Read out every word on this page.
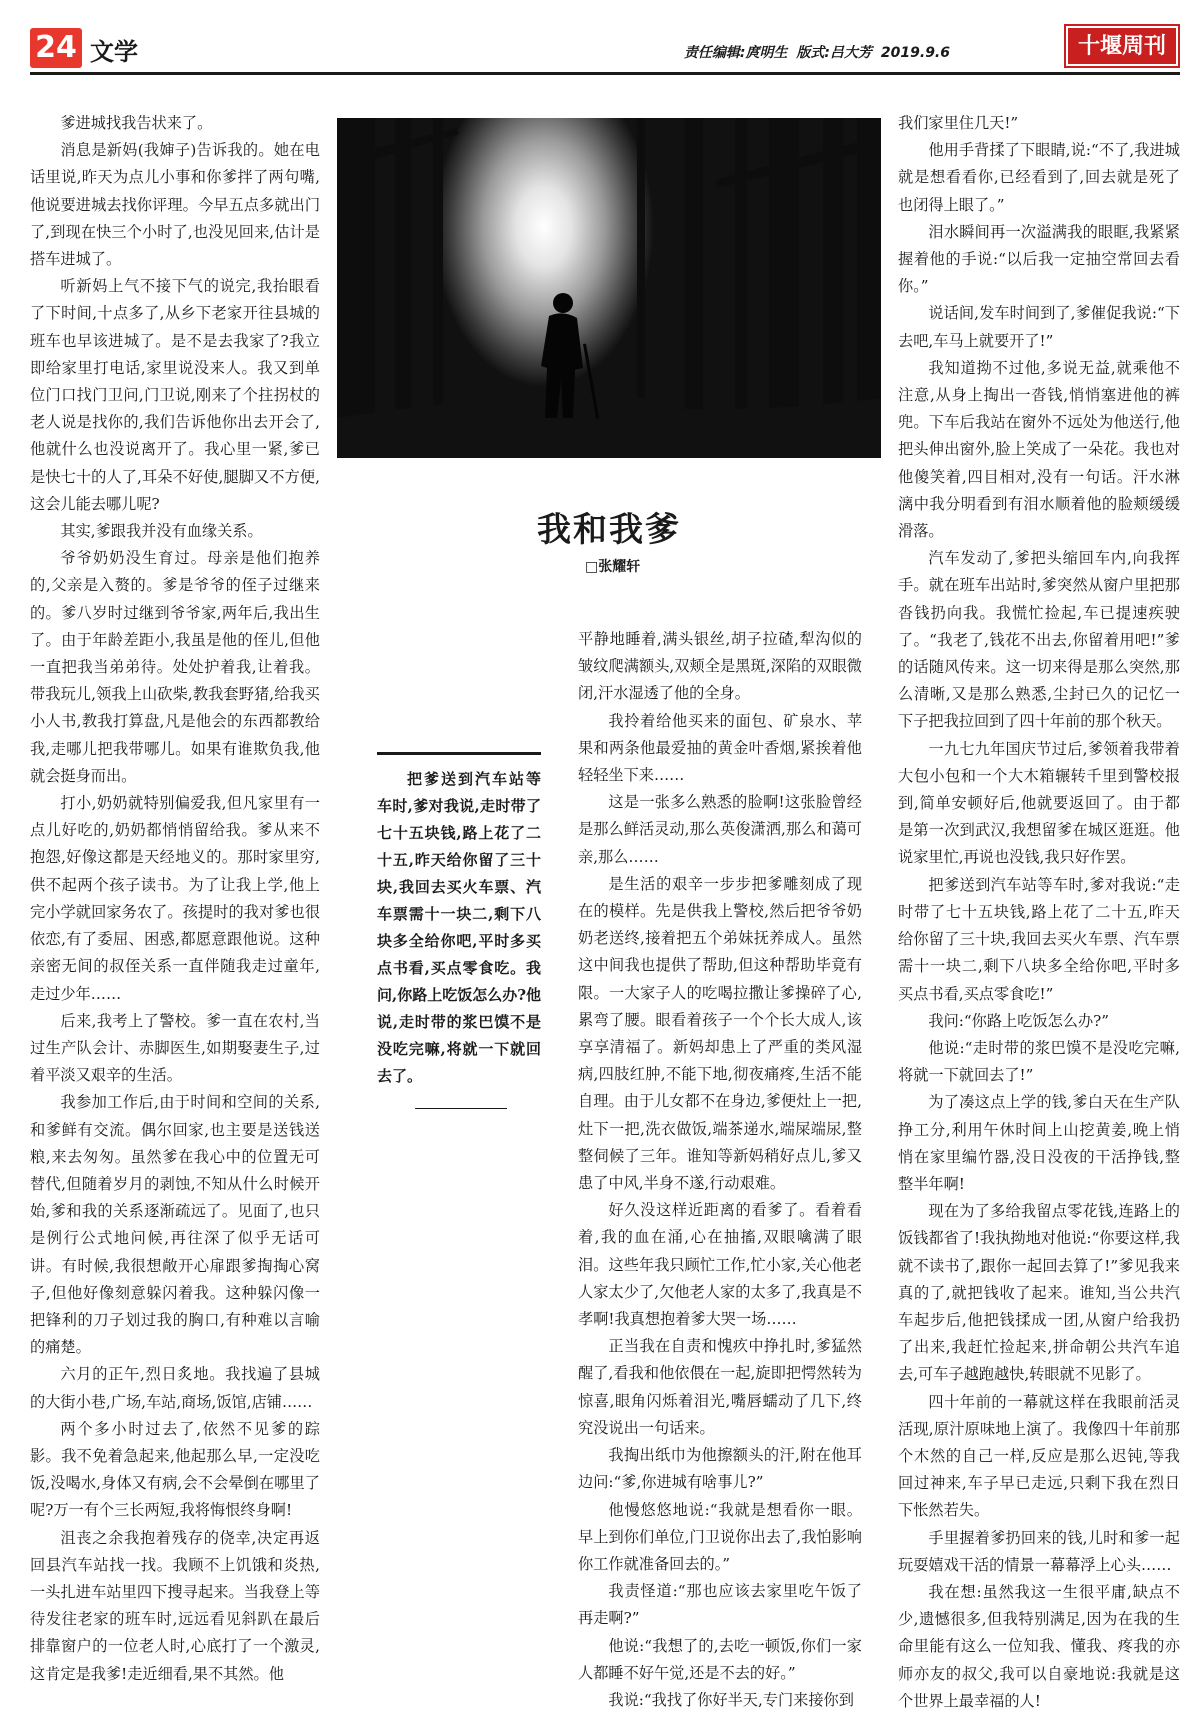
24 文学	责任编辑:庹明生 版式:吕大芳 2019.9.6	十堰周刊

爹进城找我告状来了。

消息是新妈(我婶子)告诉我的。她在电话里说,昨天为点儿小事和你爹拌了两句嘴,他说要进城去找你评理。今早五点多就出门了,到现在快三个小时了,也没见回来,估计是搭车进城了。

听新妈上气不接下气的说完,我抬眼看了下时间,十点多了,从乡下老家开往县城的班车也早该进城了。是不是去我家了?我立即给家里打电话,家里说没来人。我又到单位门口找门卫问,门卫说,刚来了个拄拐杖的老人说是找你的,我们告诉他你出去开会了,他就什么也没说离开了。我心里一紧,爹已是快七十的人了,耳朵不好使,腿脚又不方便,这会儿能去哪儿呢?

其实,爹跟我并没有血缘关系。

爷爷奶奶没生育过。母亲是他们抱养的,父亲是入赘的。爹是爷爷的侄子过继来的。爹八岁时过继到爷爷家,两年后,我出生了。由于年龄差距小,我虽是他的侄儿,但他一直把我当弟弟待。处处护着我,让着我。带我玩儿,领我上山砍柴,教我套野猪,给我买小人书,教我打算盘,凡是他会的东西都教给我,走哪儿把我带哪儿。如果有谁欺负我,他就会挺身而出。

打小,奶奶就特别偏爱我,但凡家里有一点儿好吃的,奶奶都悄悄留给我。爹从来不抱怨,好像这都是天经地义的。那时家里穷,供不起两个孩子读书。为了让我上学,他上完小学就回家务农了。孩提时的我对爹也很依恋,有了委屈、困惑,都愿意跟他说。这种亲密无间的叔侄关系一直伴随我走过童年,走过少年……

后来,我考上了警校。爹一直在农村,当过生产队会计、赤脚医生,如期娶妻生子,过着平淡又艰辛的生活。

我参加工作后,由于时间和空间的关系,和爹鲜有交流。偶尔回家,也主要是送钱送粮,来去匆匆。虽然爹在我心中的位置无可替代,但随着岁月的剥蚀,不知从什么时候开始,爹和我的关系逐渐疏远了。见面了,也只是例行公式地问候,再往深了似乎无话可讲。有时候,我很想敞开心扉跟爹掏掏心窝子,但他好像刻意躲闪着我。这种躲闪像一把锋利的刀子划过我的胸口,有种难以言喻的痛楚。

六月的正午,烈日炙地。我找遍了县城的大街小巷,广场,车站,商场,饭馆,店铺……

两个多小时过去了,依然不见爹的踪影。我不免着急起来,他起那么早,一定没吃饭,没喝水,身体又有病,会不会晕倒在哪里了呢?万一有个三长两短,我将悔恨终身啊!

沮丧之余我抱着残存的侥幸,决定再返回县汽车站找一找。我顾不上饥饿和炎热,一头扎进车站里四下搜寻起来。当我登上等待发往老家的班车时,远远看见斜趴在最后排靠窗户的一位老人时,心底打了一个激灵,这肯定是我爹!走近细看,果不其然。他

我和我爹
□张耀轩
把爹送到汽车站等车时,爹对我说,走时带了七十五块钱,路上花了二十五,昨天给你留了三十块,我回去买火车票、汽车票需十一块二,剩下八块多全给你吧,平时多买点书看,买点零食吃。我问,你路上吃饭怎么办?他说,走时带的浆巴馍不是没吃完嘛,将就一下就回去了。

平静地睡着,满头银丝,胡子拉碴,犁沟似的皱纹爬满额头,双颊全是黑斑,深陷的双眼微闭,汗水湿透了他的全身。

我拎着给他买来的面包、矿泉水、苹果和两条他最爱抽的黄金叶香烟,紧挨着他轻轻坐下来……

这是一张多么熟悉的脸啊!这张脸曾经是那么鲜活灵动,那么英俊潇洒,那么和蔼可亲,那么……

是生活的艰辛一步步把爹雕刻成了现在的模样。先是供我上警校,然后把爷爷奶奶老送终,接着把五个弟妹抚养成人。虽然这中间我也提供了帮助,但这种帮助毕竟有限。一大家子人的吃喝拉撒让爹操碎了心,累弯了腰。眼看着孩子一个个长大成人,该享享清福了。新妈却患上了严重的类风湿病,四肢红肿,不能下地,彻夜痛疼,生活不能自理。由于儿女都不在身边,爹便灶上一把,灶下一把,洗衣做饭,端茶递水,端屎端尿,整整伺候了三年。谁知等新妈稍好点儿,爹又患了中风,半身不遂,行动艰难。

好久没这样近距离的看爹了。看着看着,我的血在涌,心在抽搐,双眼噙满了眼泪。这些年我只顾忙工作,忙小家,关心他老人家太少了,欠他老人家的太多了,我真是不孝啊!我真想抱着爹大哭一场……

正当我在自责和愧疚中挣扎时,爹猛然醒了,看我和他依偎在一起,旋即把愕然转为惊喜,眼角闪烁着泪光,嘴唇蠕动了几下,终究没说出一句话来。

我掏出纸巾为他擦额头的汗,附在他耳边问:“爹,你进城有啥事儿?”

他慢悠悠地说:“我就是想看你一眼。早上到你们单位,门卫说你出去了,我怕影响你工作就准备回去的。”

我责怪道:“那也应该去家里吃午饭了再走啊?”

他说:“我想了的,去吃一顿饭,你们一家人都睡不好午觉,还是不去的好。”

我说:“我找了你好半天,专门来接你到

我们家里住几天!”

他用手背揉了下眼睛,说:“不了,我进城就是想看看你,已经看到了,回去就是死了也闭得上眼了。”

泪水瞬间再一次溢满我的眼眶,我紧紧握着他的手说:“以后我一定抽空常回去看你。”

说话间,发车时间到了,爹催促我说:“下去吧,车马上就要开了!”

我知道拗不过他,多说无益,就乘他不注意,从身上掏出一沓钱,悄悄塞进他的裤兜。下车后我站在窗外不远处为他送行,他把头伸出窗外,脸上笑成了一朵花。我也对他傻笑着,四目相对,没有一句话。汗水淋漓中我分明看到有泪水顺着他的脸颊缓缓滑落。

汽车发动了,爹把头缩回车内,向我挥手。就在班车出站时,爹突然从窗户里把那沓钱扔向我。我慌忙捡起,车已提速疾驶了。“我老了,钱花不出去,你留着用吧!”爹的话随风传来。这一切来得是那么突然,那么清晰,又是那么熟悉,尘封已久的记忆一下子把我拉回到了四十年前的那个秋天。

一九七九年国庆节过后,爹领着我带着大包小包和一个大木箱辗转千里到警校报到,简单安顿好后,他就要返回了。由于都是第一次到武汉,我想留爹在城区逛逛。他说家里忙,再说也没钱,我只好作罢。

把爹送到汽车站等车时,爹对我说:“走时带了七十五块钱,路上花了二十五,昨天给你留了三十块,我回去买火车票、汽车票需十一块二,剩下八块多全给你吧,平时多买点书看,买点零食吃!”

我问:“你路上吃饭怎么办?”

他说:“走时带的浆巴馍不是没吃完嘛,将就一下就回去了!”

为了凑这点上学的钱,爹白天在生产队挣工分,利用午休时间上山挖黄姜,晚上悄悄在家里编竹器,没日没夜的干活挣钱,整整半年啊!

现在为了多给我留点零花钱,连路上的饭钱都省了!我执拗地对他说:“你要这样,我就不读书了,跟你一起回去算了!”爹见我来真的了,就把钱收了起来。谁知,当公共汽车起步后,他把钱揉成一团,从窗户给我扔了出来,我赶忙捡起来,拼命朝公共汽车追去,可车子越跑越快,转眼就不见影了。

四十年前的一幕就这样在我眼前活灵活现,原汁原味地上演了。我像四十年前那个木然的自己一样,反应是那么迟钝,等我回过神来,车子早已走远,只剩下我在烈日下怅然若失。

手里握着爹扔回来的钱,儿时和爹一起玩耍嬉戏干活的情景一幕幕浮上心头……

我在想:虽然我这一生很平庸,缺点不少,遗憾很多,但我特别满足,因为在我的生命里能有这么一位知我、懂我、疼我的亦师亦友的叔父,我可以自豪地说:我就是这个世界上最幸福的人!
